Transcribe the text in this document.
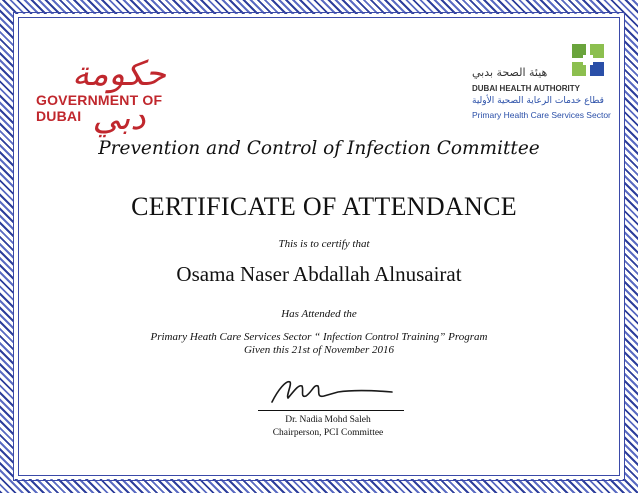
حكومة دبي
GOVERNMENT OF DUBAI
هيئة الصحة بدبي
DUBAI HEALTH AUTHORITY
قطاع خدمات الرعاية الصحية الأولية
Primary Health Care Services Sector
Prevention and Control of Infection Committee
CERTIFICATE OF ATTENDANCE
This is to certify that
Osama Naser Abdallah Alnusairat
Has Attended the
Primary Heath Care Services Sector “ Infection Control Training” Program
Given this 21st of November 2016
Dr. Nadia Mohd Saleh
Chairperson, PCI Committee
